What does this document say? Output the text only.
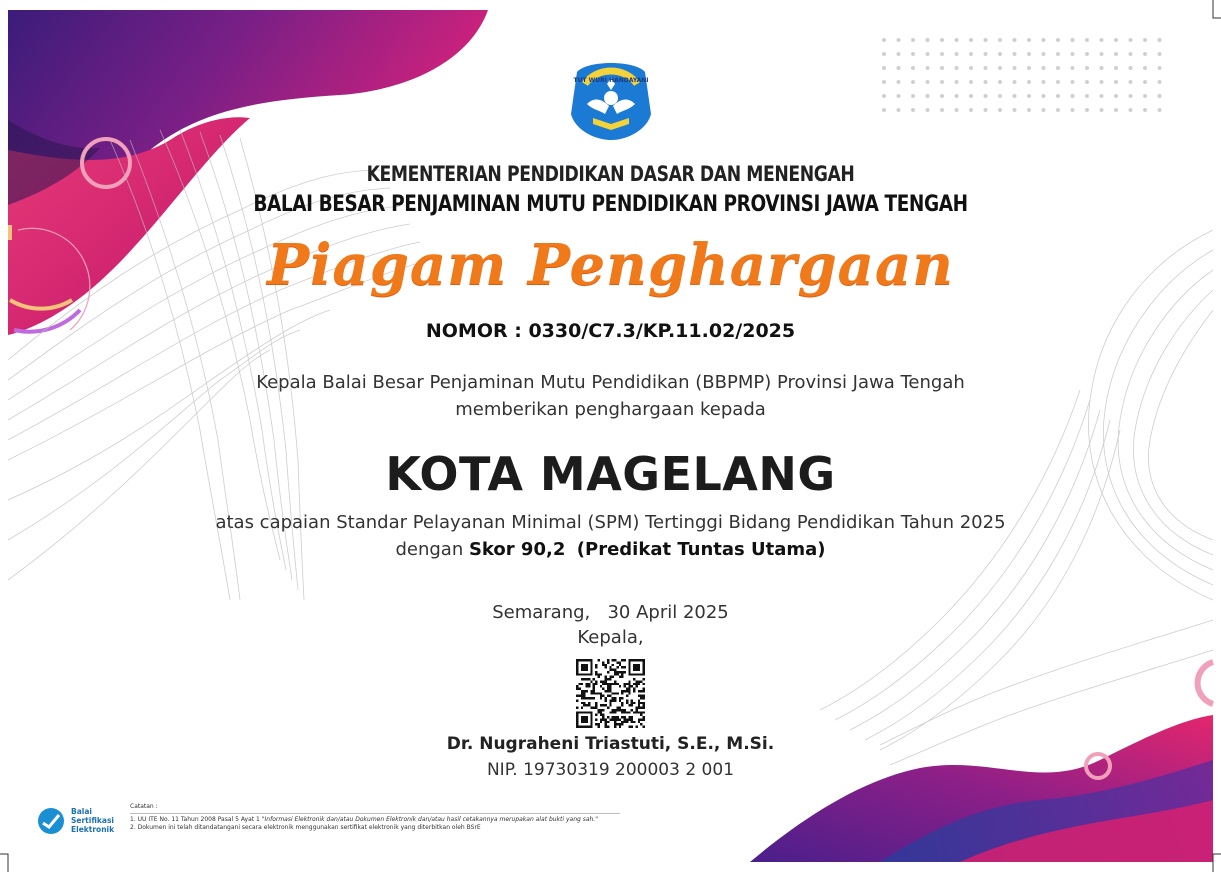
TUT WURI HANDAYANI
KEMENTERIAN PENDIDIKAN DASAR DAN MENENGAH
BALAI BESAR PENJAMINAN MUTU PENDIDIKAN PROVINSI JAWA TENGAH
Piagam Penghargaan
NOMOR : 0330/C7.3/KP.11.02/2025
Kepala Balai Besar Penjaminan Mutu Pendidikan (BBPMP) Provinsi Jawa Tengah
memberikan penghargaan kepada
KOTA MAGELANG
atas capaian Standar Pelayanan Minimal (SPM) Tertinggi Bidang Pendidikan Tahun 2025
dengan Skor 90,2 (Predikat Tuntas Utama)
Semarang, 30 April 2025
Kepala,
Dr. Nugraheni Triastuti, S.E., M.Si.
NIP. 19730319 200003 2 001
Balai
Sertifikasi
Elektronik
Catatan :
1. UU ITE No. 11 Tahun 2008 Pasal 5 Ayat 1 "Informasi Elektronik dan/atau Dokumen Elektronik dan/atau hasil cetakannya merupakan alat bukti yang sah."
2. Dokumen ini telah ditandatangani secara elektronik menggunakan sertifikat elektronik yang diterbitkan oleh BSrE
